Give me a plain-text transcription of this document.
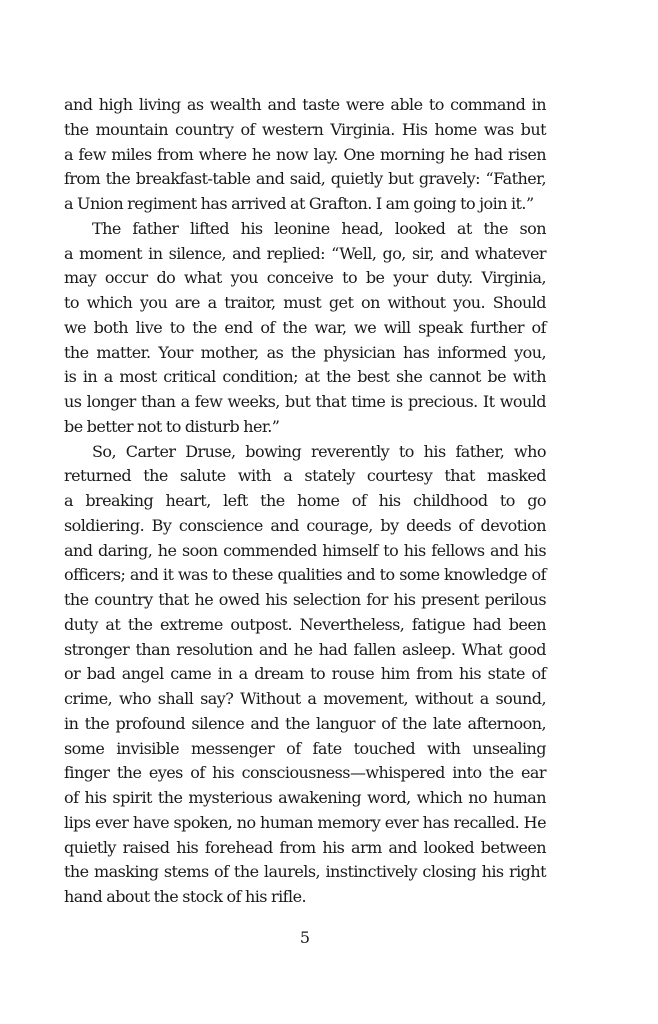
and high living as wealth and taste were able to command in
the mountain country of western Virginia. His home was but
a few miles from where he now lay. One morning he had risen
from the breakfast-table and said, quietly but gravely: “Father,
a Union regiment has arrived at Grafton. I am going to join it.”
The father lifted his leonine head, looked at the son
a moment in silence, and replied: “Well, go, sir, and whatever
may occur do what you conceive to be your duty. Virginia,
to which you are a traitor, must get on without you. Should
we both live to the end of the war, we will speak further of
the matter. Your mother, as the physician has informed you,
is in a most critical condition; at the best she cannot be with
us longer than a few weeks, but that time is precious. It would
be better not to disturb her.”
So, Carter Druse, bowing reverently to his father, who
returned the salute with a stately courtesy that masked
a breaking heart, left the home of his childhood to go
soldiering. By conscience and courage, by deeds of devotion
and daring, he soon commended himself to his fellows and his
officers; and it was to these qualities and to some knowledge of
the country that he owed his selection for his present perilous
duty at the extreme outpost. Nevertheless, fatigue had been
stronger than resolution and he had fallen asleep. What good
or bad angel came in a dream to rouse him from his state of
crime, who shall say? Without a movement, without a sound,
in the profound silence and the languor of the late afternoon,
some invisible messenger of fate touched with unsealing
finger the eyes of his consciousness—whispered into the ear
of his spirit the mysterious awakening word, which no human
lips ever have spoken, no human memory ever has recalled. He
quietly raised his forehead from his arm and looked between
the masking stems of the laurels, instinctively closing his right
hand about the stock of his rifle.
5
